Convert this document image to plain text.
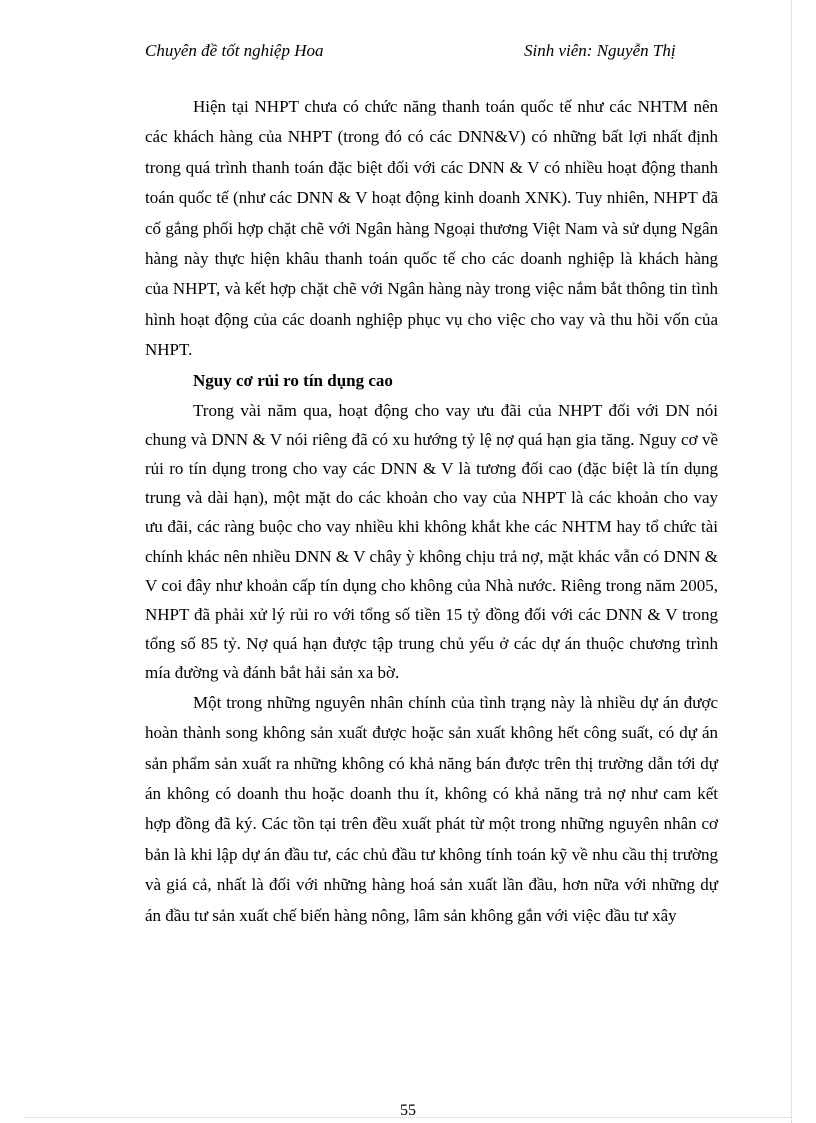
Chuyên đề tốt nghiệp Hoa	Sinh viên: Nguyễn Thị

Hiện tại NHPT chưa có chức năng thanh toán quốc tế như các NHTM nên các khách hàng của NHPT (trong đó có các DNN&V) có những bất lợi nhất định trong quá trình thanh toán đặc biệt đối với các DNN & V có nhiều hoạt động thanh toán quốc tế (như các DNN & V hoạt động kinh doanh XNK). Tuy nhiên, NHPT đã cố gắng phối hợp chặt chẽ với Ngân hàng Ngoại thương Việt Nam và sử dụng Ngân hàng này thực hiện khâu thanh toán quốc tế cho các doanh nghiệp là khách hàng của NHPT, và kết hợp chặt chẽ với Ngân hàng này trong việc nắm bắt thông tin tình hình hoạt động của các doanh nghiệp phục vụ cho việc cho vay và thu hồi vốn của NHPT.

Nguy cơ rủi ro tín dụng cao

Trong vài năm qua, hoạt động cho vay ưu đãi của NHPT đối với DN nói chung và DNN & V nói riêng đã có xu hướng tỷ lệ nợ quá hạn gia tăng. Nguy cơ về rủi ro tín dụng trong cho vay các DNN & V là tương đối cao (đặc biệt là tín dụng trung và dài hạn), một mặt do các khoản cho vay của NHPT là các khoản cho vay ưu đãi, các ràng buộc cho vay nhiều khi không khắt khe các NHTM hay tổ chức tài chính khác nên nhiều DNN & V chây ỳ không chịu trả nợ, mặt khác vẫn có DNN & V coi đây như khoản cấp tín dụng cho không của Nhà nước. Riêng trong năm 2005, NHPT đã phải xử lý rủi ro với tổng số tiền 15 tỷ đồng đối với các DNN & V trong tổng số 85 tỷ. Nợ quá hạn được tập trung chủ yếu ở các dự án thuộc chương trình mía đường và đánh bắt hải sản xa bờ.

Một trong những nguyên nhân chính của tình trạng này là nhiều dự án được hoàn thành song không sản xuất được hoặc sản xuất không hết công suất, có dự án sản phẩm sản xuất ra những không có khả năng bán được trên thị trường dẫn tới dự án không có doanh thu hoặc doanh thu ít, không có khả năng trả nợ như cam kết hợp đồng đã ký. Các tồn tại trên đều xuất phát từ một trong những nguyên nhân cơ bản là khi lập dự án đầu tư, các chủ đầu tư không tính toán kỹ về nhu cầu thị trường và giá cả, nhất là đối với những hàng hoá sản xuất lần đầu, hơn nữa với những dự án đầu tư sản xuất chế biến hàng nông, lâm sản không gắn với việc đầu tư xây

55
